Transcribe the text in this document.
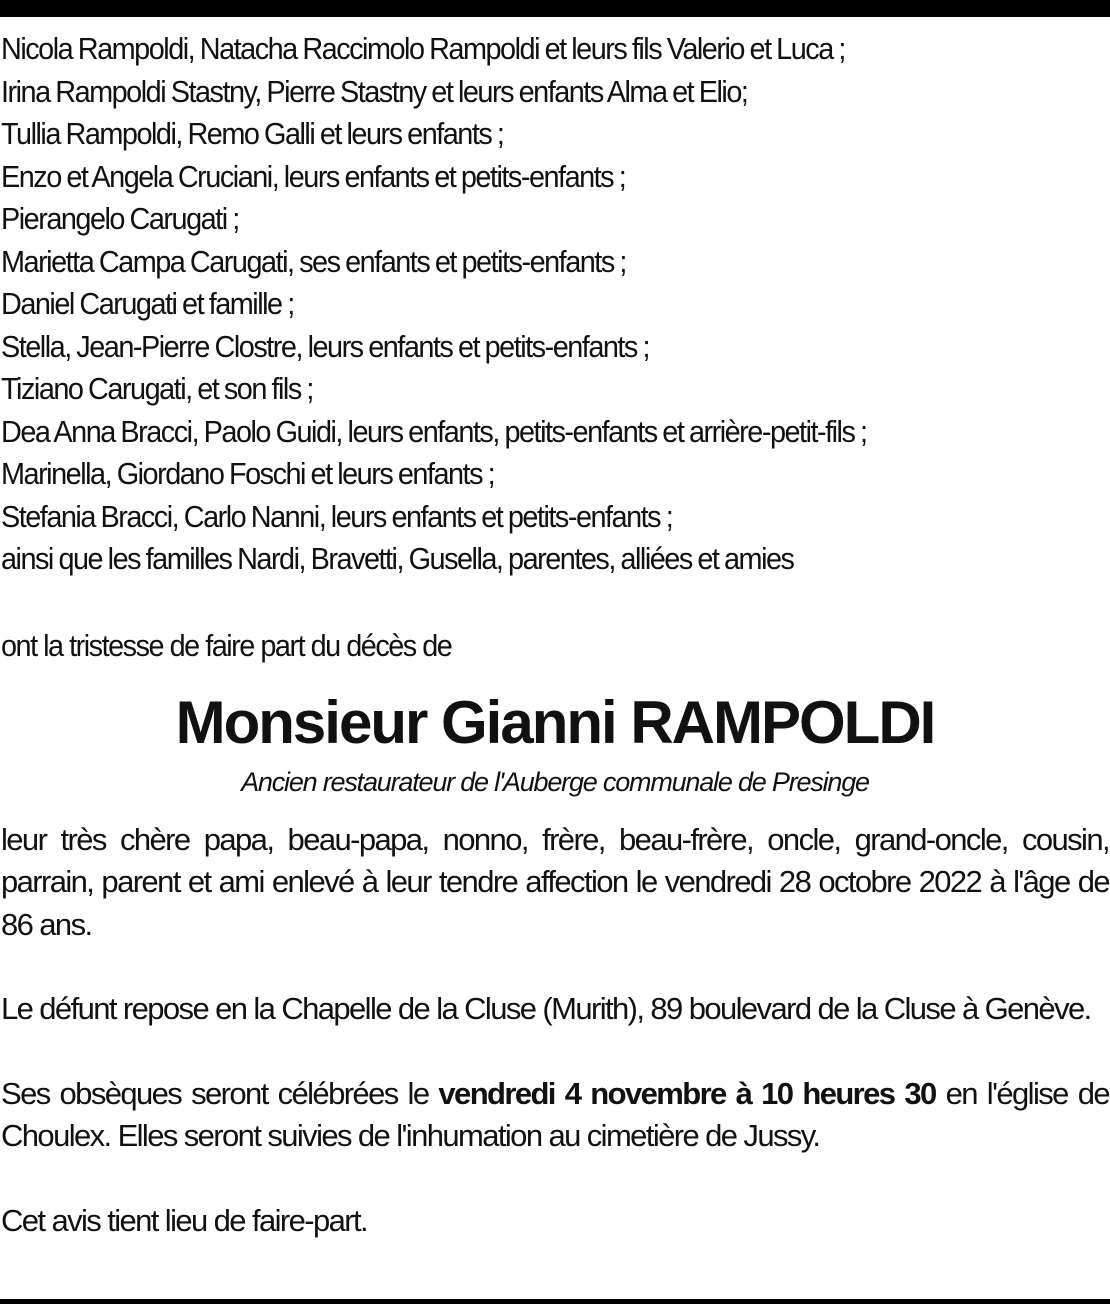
Nicola Rampoldi, Natacha Raccimolo Rampoldi et leurs fils Valerio et Luca ;
Irina Rampoldi Stastny, Pierre Stastny et leurs enfants Alma et Elio;
Tullia Rampoldi, Remo Galli et leurs enfants ;
Enzo et Angela Cruciani, leurs enfants et petits-enfants ;
Pierangelo Carugati ;
Marietta Campa Carugati, ses enfants et petits-enfants ;
Daniel Carugati et famille ;
Stella, Jean-Pierre Clostre, leurs enfants et petits-enfants ;
Tiziano Carugati, et son fils ;
Dea Anna Bracci, Paolo Guidi, leurs enfants, petits-enfants et arrière-petit-fils ;
Marinella, Giordano Foschi et leurs enfants ;
Stefania Bracci, Carlo Nanni, leurs enfants et petits-enfants ;
ainsi que les familles Nardi, Bravetti, Gusella, parentes, alliées et amies
ont la tristesse de faire part du décès de
Monsieur Gianni RAMPOLDI
Ancien restaurateur de l'Auberge communale de Presinge

leur très chère papa, beau-papa, nonno, frère, beau-frère, oncle, grand-oncle, cousin, parrain, parent et ami enlevé à leur tendre affection le vendredi 28 octobre 2022 à l'âge de 86 ans.

Le défunt repose en la Chapelle de la Cluse (Murith), 89 boulevard de la Cluse à Genève.

Ses obsèques seront célébrées le vendredi 4 novembre à 10 heures 30 en l'église de Choulex. Elles seront suivies de l'inhumation au cimetière de Jussy.

Cet avis tient lieu de faire-part.
